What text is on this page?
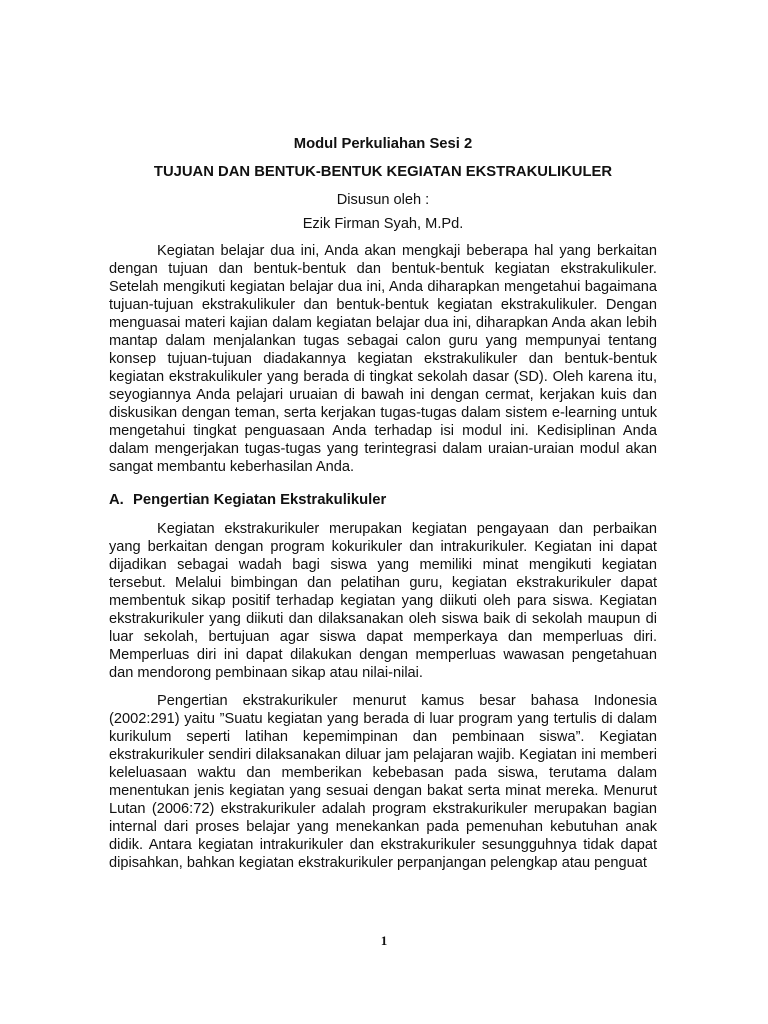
Modul Perkuliahan Sesi 2
TUJUAN DAN BENTUK-BENTUK KEGIATAN EKSTRAKULIKULER
Disusun oleh :
Ezik Firman Syah, M.Pd.

Kegiatan belajar dua ini, Anda akan mengkaji beberapa hal yang berkaitan dengan tujuan dan bentuk-bentuk dan bentuk-bentuk kegiatan ekstrakulikuler. Setelah mengikuti kegiatan belajar dua ini, Anda diharapkan mengetahui bagaimana tujuan-tujuan ekstrakulikuler dan bentuk-bentuk kegiatan ekstrakulikuler. Dengan menguasai materi kajian dalam kegiatan belajar dua ini, diharapkan Anda akan lebih mantap dalam menjalankan tugas sebagai calon guru yang mempunyai tentang konsep tujuan-tujuan diadakannya kegiatan ekstrakulikuler dan bentuk-bentuk kegiatan ekstrakulikuler yang berada di tingkat sekolah dasar (SD). Oleh karena itu, seyogiannya Anda pelajari uruaian di bawah ini dengan cermat, kerjakan kuis dan diskusikan dengan teman, serta kerjakan tugas-tugas dalam sistem e-learning untuk mengetahui tingkat penguasaan Anda terhadap isi modul ini. Kedisiplinan Anda dalam mengerjakan tugas-tugas yang terintegrasi dalam uraian-uraian modul akan sangat membantu keberhasilan Anda.

A. Pengertian Kegiatan Ekstrakulikuler

Kegiatan ekstrakurikuler merupakan kegiatan pengayaan dan perbaikan yang berkaitan dengan program kokurikuler dan intrakurikuler. Kegiatan ini dapat dijadikan sebagai wadah bagi siswa yang memiliki minat mengikuti kegiatan tersebut. Melalui bimbingan dan pelatihan guru, kegiatan ekstrakurikuler dapat membentuk sikap positif terhadap kegiatan yang diikuti oleh para siswa. Kegiatan ekstrakurikuler yang diikuti dan dilaksanakan oleh siswa baik di sekolah maupun di luar sekolah, bertujuan agar siswa dapat memperkaya dan memperluas diri. Memperluas diri ini dapat dilakukan dengan memperluas wawasan pengetahuan dan mendorong pembinaan sikap atau nilai-nilai.

Pengertian ekstrakurikuler menurut kamus besar bahasa Indonesia (2002:291) yaitu ”Suatu kegiatan yang berada di luar program yang tertulis di dalam kurikulum seperti latihan kepemimpinan dan pembinaan siswa”. Kegiatan ekstrakurikuler sendiri dilaksanakan diluar jam pelajaran wajib. Kegiatan ini memberi keleluasaan waktu dan memberikan kebebasan pada siswa, terutama dalam menentukan jenis kegiatan yang sesuai dengan bakat serta minat mereka. Menurut Lutan (2006:72) ekstrakurikuler adalah program ekstrakurikuler merupakan bagian internal dari proses belajar yang menekankan pada pemenuhan kebutuhan anak didik. Antara kegiatan intrakurikuler dan ekstrakurikuler sesungguhnya tidak dapat dipisahkan, bahkan kegiatan ekstrakurikuler perpanjangan pelengkap atau penguat

1
